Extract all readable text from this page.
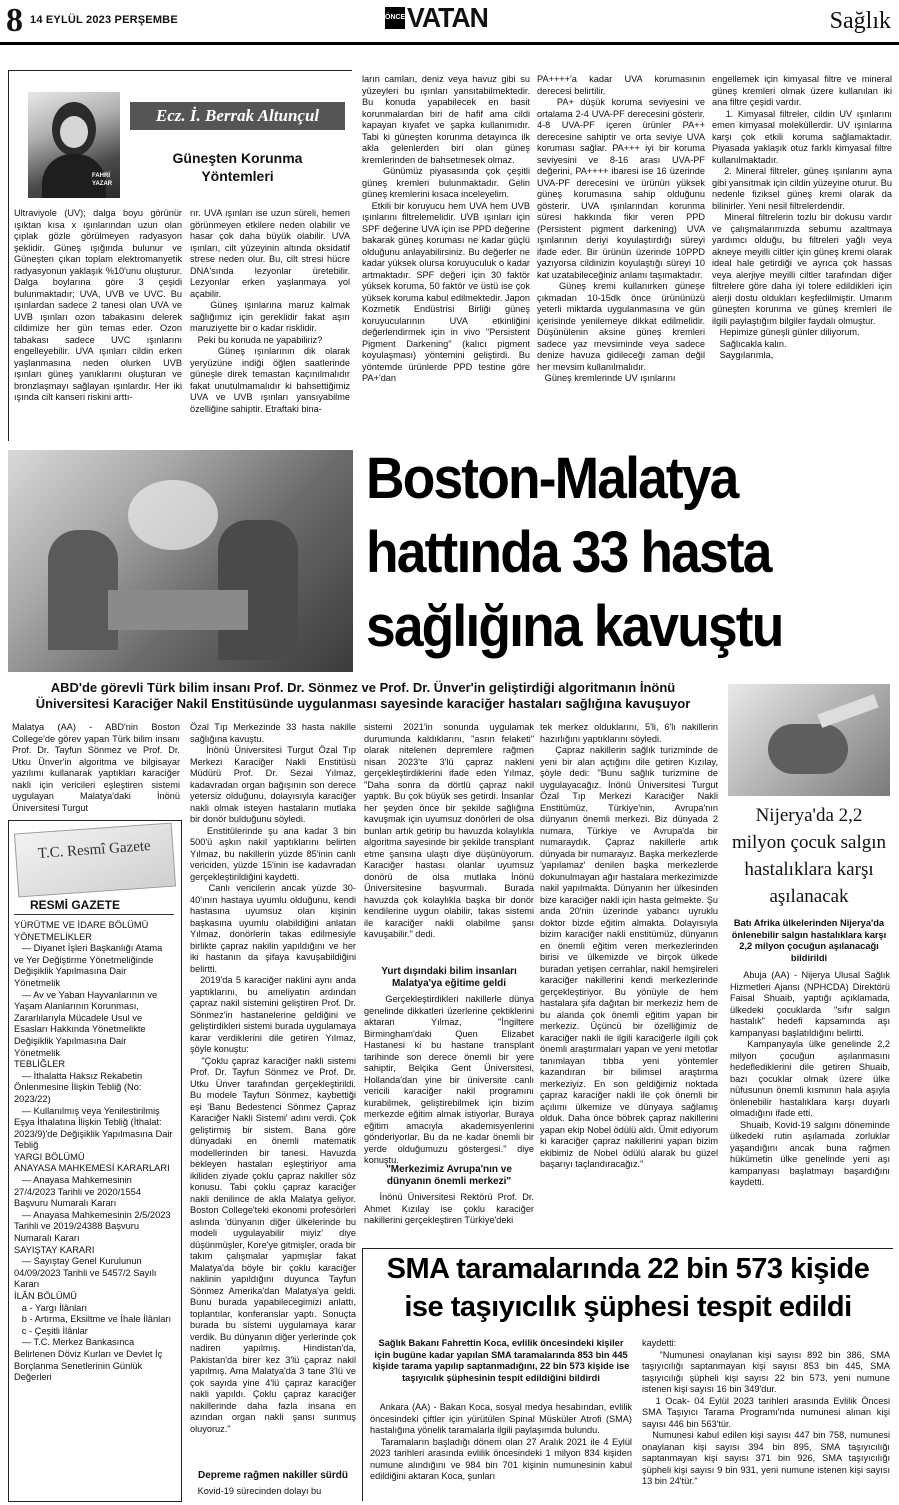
8 14 EYLÜL 2023 PERŞEMBE	ÖNCE VATAN	Sağlık
FAHRİ YAZAR
Ecz. İ. Berrak Altunçul
Güneşten Korunma
Yöntemleri
Ultraviyole (UV); dalga boyu görünür ışıktan kısa x ışınlarından uzun olan çıplak gözle görülmeyen radyasyon şeklidir. Güneş ışığında bulunur ve Güneşten çıkan toplam elektromanyetik radyasyonun yaklaşık %10'unu oluşturur. Dalga boylarına göre 3 çeşidi bulunmaktadır; UVA, UVB ve UVC. Bu ışınlardan sadece 2 tanesi olan UVA ve UVB ışınları ozon tabakasını delerek cildimize her gün temas eder. Ozon tabakası sadece UVC ışınlarını engelleyebilir. UVA ışınları cildin erken yaşlanmasına neden olurken UVB ışınları güneş yanıklarını oluşturan ve bronzlaşmayı sağlayan ışınlardır. Her iki ışında cilt kanseri riskini arttı-
rır. UVA ışınları ise uzun süreli, hemen görünmeyen etkilere neden olabilir ve hasar çok daha büyük olabilir. UVA ışınları, cilt yüzeyinin altında oksidatif strese neden olur. Bu, cilt stresi hücre DNA'sında lezyonlar üretebilir. Lezyonlar erken yaşlanmaya yol açabilir.
Güneş ışınlarına maruz kalmak sağlığımız için gereklidir fakat aşırı maruziyette bir o kadar risklidir.
Peki bu konuda ne yapabiliriz?
Güneş ışınlarının dik olarak yeryüzüne indiği öğlen saatlerinde güneşle direk temastan kaçınılmalıdır fakat unutulmamalıdır ki bahsettiğimiz UVA ve UVB ışınları yansıyabilme özelliğine sahiptir. Etraftaki bina-
ların camları, deniz veya havuz gibi su yüzeyleri bu ışınları yansıtabilmektedir. Bu konuda yapabilecek en basit korunmalardan biri de hafif ama cildi kapayan kıyafet ve şapka kullanımıdır. Tabi ki güneşten korunma detayınca ilk akla gelenlerden biri olan güneş kremlerinden de bahsetmesek olmaz.
Günümüz piyasasında çok çeşitli güneş kremleri bulunmaktadır. Gelin güneş kremlerini kısaca inceleyelim.
Etkili bir koruyucu hem UVA hem UVB ışınlarını filtrelemelidir. UVB ışınları için SPF değerine UVA için ise PPD değerine bakarak güneş koruması ne kadar güçlü olduğunu anlayabilirsiniz. Bu değerler ne kadar yüksek olursa koruyuculuk o kadar artmaktadır. SPF değeri için 30 faktör yüksek koruma, 50 faktör ve üstü ise çok yüksek koruma kabul edilmektedir. Japon Kozmetik Endüstrisi Birliği güneş koruyucularının UVA etkinliğini değerlendirmek için in vivo "Persistent Pigment Darkening" (kalıcı pigment koyulaşması) yöntemini geliştirdi. Bu yöntemde ürünlerde PPD testine göre PA+'dan
PA++++'a kadar UVA korumasının derecesi belirtilir.
PA+ düşük koruma seviyesini ve ortalama 2-4 UVA-PF derecesini gösterir. 4-8 UVA-PF içeren ürünler PA++ derecesine sahiptir ve orta seviye UVA koruması sağlar. PA+++ iyi bir koruma seviyesini ve 8-16 arası UVA-PF değerini, PA++++ ibaresi ise 16 üzerinde UVA-PF derecesini ve ürünün yüksek güneş korumasına sahip olduğunu gösterir. UVA ışınlarından korunma süresi hakkında fikir veren PPD (Persistent pigment darkening) UVA ışınlarının deriyi koyulaştırdığı süreyi ifade eder. Bir ürünün üzerinde 10PPD yazıyorsa cildinizin koyulaştığı süreyi 10 kat uzatabileceğiniz anlamı taşımaktadır.
Güneş kremi kullanırken güneşe çıkmadan 10-15dk önce ürününüzü yeterli miktarda uygulanmasına ve gün içerisinde yenilemeye dikkat edilmelidir. Düşünülenin aksine güneş kremleri sadece yaz mevsiminde veya sadece denize havuza gidileceği zaman değil her mevsim kullanılmalıdır.
Güneş kremlerinde UV ışınlarını
engellemek için kimyasal filtre ve mineral güneş kremleri olmak üzere kullanılan iki ana filtre çeşidi vardır.
1. Kimyasal filtreler, cildin UV ışınlarını emen kimyasal moleküllerdir. UV ışınlarına karşı çok etkili koruma sağlamaktadır. Piyasada yaklaşık otuz farklı kimyasal filtre kullanılmaktadır.
2. Mineral filtreler, güneş ışınlarını ayna gibi yansıtmak için cildin yüzeyine oturur. Bu nedenle fiziksel güneş kremi olarak da bilinirler. Yeni nesil filtrelerdendir.
Mineral filtrelerin tozlu bir dokusu vardır ve çalışmalarımızda sebumu azaltmaya yardımcı olduğu, bu filtreleri yağlı veya akneye meyilli ciltler için güneş kremi olarak ideal hale getirdiği ve ayrıca çok hassas veya alerjiye meyilli ciltler tarafından diğer filtrelere göre daha iyi tolere edildikleri için alerji dostu oldukları keşfedilmiştir. Umarım güneşten korunma ve güneş kremleri ile ilgili paylaştığım bilgiler faydalı olmuştur.
Hepimize güneşli günler diliyorum.
Sağlıcakla kalın.
Saygılarımla,
Boston-Malatya
hattında 33 hasta
sağlığına kavuştu
ABD'de görevli Türk bilim insanı Prof. Dr. Sönmez ve Prof. Dr. Ünver'in geliştirdiği algoritmanın İnönü
Üniversitesi Karaciğer Nakil Enstitüsünde uygulanması sayesinde karaciğer hastaları sağlığına kavuşuyor
Malatya (AA) - ABD'nin Boston College'de görev yapan Türk bilim insanı Prof. Dr. Tayfun Sönmez ve Prof. Dr. Utku Ünver'in algoritma ve bilgisayar yazılımı kullanarak yaptıkları karaciğer nakli için vericileri eşleştiren sistemi uygulayan Malatya'daki İnönü Üniversitesi Turgut
Özal Tıp Merkezinde 33 hasta nakille sağlığına kavuştu.
İnönü Üniversitesi Turgut Özal Tıp Merkezi Karaciğer Nakli Enstitüsü Müdürü Prof. Dr. Sezai Yılmaz, kadavradan organ bağışının son derece yetersiz olduğunu, dolayısıyla karaciğer nakli olmak isteyen hastaların mutlaka bir donör bulduğunu söyledi.
Enstitülerinde şu ana kadar 3 bin 500'ü aşkın nakil yaptıklarını belirten Yılmaz, bu nakillerin yüzde 85'inin canlı vericiden, yüzde 15'inin ise kadavradan gerçekleştirildiğini kaydetti.
Canlı vericilerin ancak yüzde 30-40'ının hastaya uyumlu olduğunu, kendi hastasına uyumsuz olan kişinin başkasına uyumlu olabildiğini anlatan Yılmaz, donörlerin takas edilmesiyle birlikte çapraz nakilin yapıldığını ve her iki hastanın da şifaya kavuşabildiğini belirtti.
2019'da 5 karaciğer naklini aynı anda yaptıklarını, bu ameliyatın ardından çapraz nakil sistemini geliştiren Prof. Dr. Sönmez'in hastanelerine geldiğini ve geliştirdikleri sistemi burada uygulamaya karar verdiklerini dile getiren Yılmaz, şöyle konuştu:
"Çoklu çapraz karaciğer nakli sistemi Prof. Dr. Tayfun Sönmez ve Prof. Dr. Utku Ünver tarafından gerçekleştirildi. Bu modele Tayfun Sönmez, kaybettiği eşi 'Banu Bedestenci Sönmez Çapraz Karaciğer Nakli Sistemi' adını verdi. Çok geliştirmiş bir sistem. Bana göre dünyadaki en önemli matematik modellerinden bir tanesi. Havuzda bekleyen hastaları eşleştiriyor ama ikiliden ziyade çoklu çapraz nakiller söz konusu. Tabi çoklu çapraz karaciğer nakli denilince de akla Malatya geliyor. Boston College'teki ekonomi profesörleri aslında 'dünyanın diğer ülkelerinde bu modeli uygulayabilir miyiz' diye düşünmüşler, Kore'ye gitmişler, orada bir takım çalışmalar yapmışlar fakat Malatya'da böyle bir çoklu karaciğer naklinin yapıldığını duyunca Tayfun Sönmez Amerika'dan Malatya'ya geldi. Bunu burada yapabilecegimizi anlattı, toplantılar, konferanslar yaptı. Sonuçta burada bu sistemi uygulamaya karar verdik. Bu dünyanın diğer yerlerinde çok nadiren yapılmış. Hindistan'da, Pakistan'da birer kez 3'lü çapraz nakil yapılmış. Ama Malatya'da 3 tane 3'lü ve çok sayıda yine 4'lü çapraz karaciğer nakli yapıldı. Çoklu çapraz karaciğer nakillerinde daha fazla insana en azından organ nakli şansı sunmuş oluyoruz."
Depreme rağmen nakiller sürdü
Kovid-19 sürecinden dolayı bu
sistemi 2021'in sonunda uygulamak durumunda kaldıklarını, "asrın felaketi" olarak nitelenen depremlere rağmen nisan 2023'te 3'lü çapraz nakleni gerçekleştirdiklerini ifade eden Yılmaz, "Daha sonra da dörtlü çapraz nakil yaptık. Bu çok büyük ses getirdi. İnsanlar her şeyden önce bir şekilde sağlığına kavuşmak için uyumsuz donörleri de olsa bunları artık getirip bu havuzda kolaylıkla algoritma sayesinde bir şekilde transplant etme şansına ulaştı diye düşünüyorum. Karaciğer hastası olanlar uyumsuz donörü de olsa mutlaka İnönü Üniversitesine başvurmalı. Burada havuzda çok kolaylıkla başka bir donör kendilerine uygun olabilir, takas sistemi ile karaciğer nakli olabilme şansı kavuşabilir." dedi.
Yurt dışındaki bilim insanları Malatya'ya eğitime geldi
Gerçekleştirdikleri nakillerle dünya genelinde dikkatleri üzerlerine çektiklerini aktaran Yılmaz, "İngiltere Birmingham'daki Quen Elizabet Hastanesi ki bu hastane transplant tarihinde son derece önemli bir yere sahiptir, Belçika Gent Üniversitesi, Hollanda'dan yine bir üniversite canlı vericili karaciğer nakil programını kurabilmek, geliştirebilmek için bizim merkezde eğitim almak istiyorlar. Buraya eğitim amacıyla akademisyenlerini gönderiyorlar. Bu da ne kadar önemli bir yerde olduğumuzu göstergesi." diye konuştu.
"Merkezimiz Avrupa'nın ve dünyanın önemli merkezi"
İnönü Üniversitesi Rektörü Prof. Dr. Ahmet Kızılay ise çoklu karaciğer nakillerini gerçekleştiren Türkiye'deki
tek merkez olduklarını, 5'li, 6'lı nakillerin hazırlığını yaptıklarını söyledi.
Çapraz nakillerin sağlık turizminde de yeni bir alan açtığını dile getiren Kızılay, şöyle dedi: "Bunu sağlık turizmine de uygulayacağız. İnönü Üniversitesi Turgut Özal Tıp Merkezi Karaciğer Nakli Enstitümüz, Türkiye'nin, Avrupa'nın dünyanın önemli merkezi. Biz dünyada 2 numara, Türkiye ve Avrupa'da bir numaraydık. Çapraz nakillerle artık dünyada bir numarayız. Başka merkezlerde 'yapılamaz' denilen başka merkezlerde dokunulmayan ağır hastalara merkezimizde nakil yapılmakta. Dünyanın her ülkesinden bize karaciğer nakli için hasta gelmekte. Şu anda 20'nin üzerinde yabancı uyruklu doktor bizde eğitim almakta. Dolayısıyla bizim karaciğer nakli enstitümüz, dünyanın en önemli eğitim veren merkezlerinden birisi ve ülkemizde ve birçok ülkede buradan yetişen cerrahlar, nakil hemşireleri karaciğer nakillerini kendi merkezlerinde gerçekleştiriyor. Bu yönüyle de hem hastalara şifa dağıtan bir merkeziz hem de bu alanda çok önemli eğitim yapan bir merkeziz. Üçüncü bir özelliğimiz de karaciğer nakli ile ilgili karaciğerle ilgili çok önemli araştırmaları yapan ve yeni metotlar tanımlayan tıbba yeni yöntemler kazandıran bir bilimsel araştırma merkeziyiz. En son geldiğimiz noktada çapraz karaciğer nakli ile çok önemli bir açılımı ülkemize ve dünyaya sağlamış olduk. Daha önce böbrek çapraz nakillerini yapan ekip Nobel ödülü aldı. Ümit ediyorum ki karaciğer çapraz nakillerini yapan bizim ekibimiz de Nobel ödülü alarak bu güzel başarıyı taçlandıracağız."
T.C. Resmî Gazete
RESMİ GAZETE
YÜRÜTME VE İDARE BÖLÜMÜ
YÖNETMELİKLER
— Diyanet İşleri Başkanlığı Atama ve Yer Değiştirme Yönetmeliğinde Değişiklik Yapılmasına Dair Yönetmelik
— Av ve Yaban Hayvanlarının ve Yaşam Alanlarının Korunması, Zararlılarıyla Mücadele Usul ve Esasları Hakkında Yönetmelikte Değişiklik Yapılmasına Dair Yönetmelik
TEBLİĞLER
— İthalatta Haksız Rekabetin Önlenmesine İlişkin Tebliğ (No: 2023/22)
— Kullanılmış veya Yenilestirilmiş Eşya İthalatına İlişkin Tebliğ (İthalat: 2023/9)'de Değişiklik Yapılmasına Dair Tebliğ
YARGI BÖLÜMÜ
ANAYASA MAHKEMESİ KARARLARI
— Anayasa Mahkemesinin 27/4/2023 Tarihli ve 2020/1554 Başvuru Numaralı Kararı
— Anayasa Mahkemesinin 2/5/2023 Tarihli ve 2019/24388 Başvuru Numaralı Kararı
SAYIŞTAY KARARI
— Sayıştay Genel Kurulunun 04/09/2023 Tarihli ve 5457/2 Sayılı Kararı
İLÂN BÖLÜMÜ
a - Yargı İlânları
b - Artırma, Eksiltme ve İhale İlânları
c - Çeşitli İlânlar
— T.C. Merkez Bankasınca Belirlenen Döviz Kurları ve Devlet İç Borçlanma Senetlerinin Günlük Değerleri
Nijerya'da 2,2 milyon çocuk salgın hastalıklara karşı aşılanacak
Batı Afrika ülkelerinden Nijerya'da önlenebilir salgın hastalıklara karşı 2,2 milyon çocuğun aşılanacağı bildirildi
Abuja (AA) - Nijerya Ulusal Sağlık Hizmetleri Ajansı (NPHCDA) Direktörü Faisal Shuaib, yaptığı açıklamada, ülkedeki çocuklarda "sıfır salgın hastalık" hedefi kapsamında aşı kampanyası başlatıldığını belirtti.
Kampanyayla ülke genelinde 2,2 milyon çocuğun aşılanmasını hedeflediklerini dile getiren Shuaib, bazı çocuklar olmak üzere ülke nüfusunun önemli kısmının hala aşıyla önlenebilir hastalıklara karşı duyarlı olmadığını ifade etti.
Shuaib, Kovid-19 salgını döneminde ülkedeki rutin aşılamada zorluklar yaşandığını ancak buna rağmen hükümetin ülke genelinde yeni aşı kampanyası başlatmayı başardığını kaydetti.
SMA taramalarında 22 bin 573 kişide
ise taşıyıcılık şüphesi tespit edildi
Sağlık Bakanı Fahrettin Koca, evlilik öncesindeki kişiler için bugüne kadar yapılan SMA taramalarında 853 bin 445 kişide tarama yapılıp saptanmadığını, 22 bin 573 kişide ise taşıyıcılık şüphesinin tespit edildiğini bildirdi
Ankara (AA) - Bakan Koca, sosyal medya hesabından, evlilik öncesindeki çiftler için yürütülen Spinal Müsküler Atrofi (SMA) hastalığına yönelik taramalarla ilgili paylaşımda bulundu.
Taramaların başladığı dönem olan 27 Aralık 2021 ile 4 Eylül 2023 tarihleri arasında evlilik öncesindeki 1 milyon 834 kişiden numune alındığını ve 984 bin 701 kişinin numunesinin kabul edildiğini aktaran Koca, şunları
kaydetti:
"Numunesi onaylanan kişi sayısı 892 bin 386, SMA taşıyıcılığı saptanmayan kişi sayısı 853 bin 445, SMA taşıyıcılığı şüpheli kişi sayısı 22 bin 573, yeni numune istenen kişi sayısı 16 bin 349'dur.
1 Ocak- 04 Eylül 2023 tarihleri arasında Evlilik Öncesi SMA Taşıyıcı Tarama Programı'nda numunesi alınan kişi sayısı 446 bin 563'tür.
Numunesi kabul edilen kişi sayısı 447 bin 758, numunesi onaylanan kişi sayısı 394 bin 895, SMA taşıyıcılığı saptanmayan kişi sayısı 371 bin 926, SMA taşıyıcılığı şüpheli kişi sayısı 9 bin 931, yeni numune istenen kişi sayısı 13 bin 24'tür."
